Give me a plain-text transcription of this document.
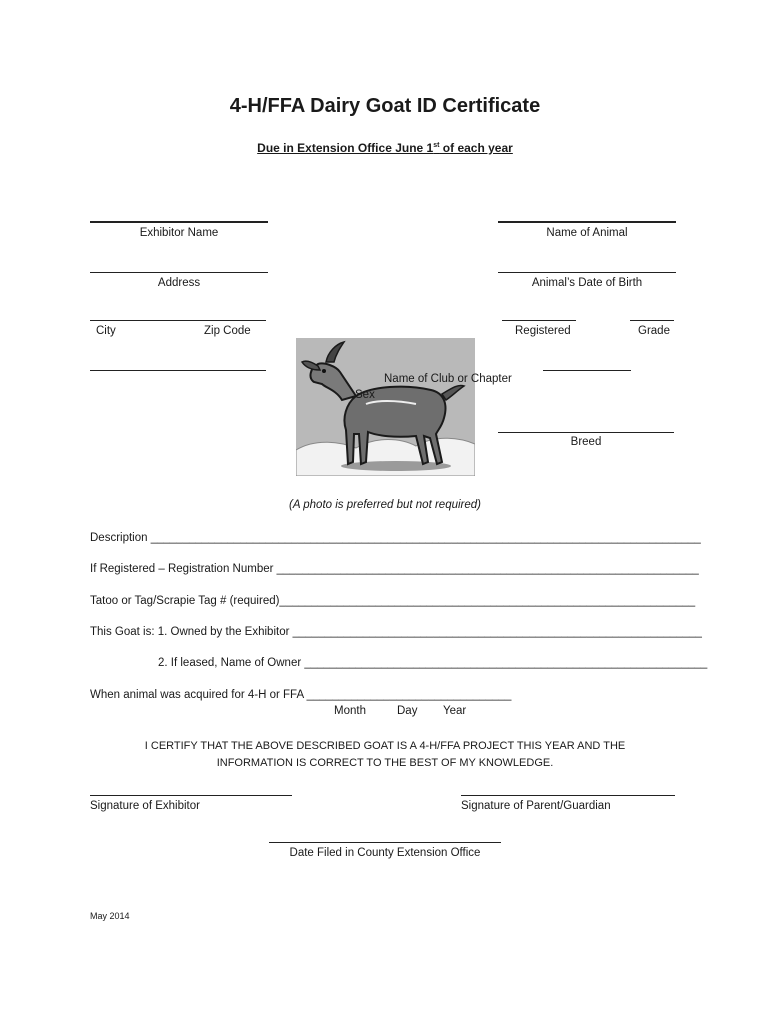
4-H/FFA Dairy Goat ID Certificate
Due in Extension Office June 1st of each year
Exhibitor Name	Name of Animal
Address	Animal’s Date of Birth
City	Zip Code	Registered	Grade
Name of Club or Chapter
Sex
Breed
(A photo is preferred but not required)
Description ______________________________________________________________________________________
If Registered – Registration Number __________________________________________________________________
Tatoo or Tag/Scrapie Tag # (required)_________________________________________________________________
This Goat is: 1. Owned by the Exhibitor ________________________________________________________________
2. If leased, Name of Owner _______________________________________________________________
When animal was acquired for 4-H or FFA ________________________________
Month	Day Year
I CERTIFY THAT THE ABOVE DESCRIBED GOAT IS A 4-H/FFA PROJECT THIS YEAR AND THE INFORMATION IS CORRECT TO THE BEST OF MY KNOWLEDGE.
Signature of Exhibitor	Signature of Parent/Guardian
Date Filed in County Extension Office
May 2014
